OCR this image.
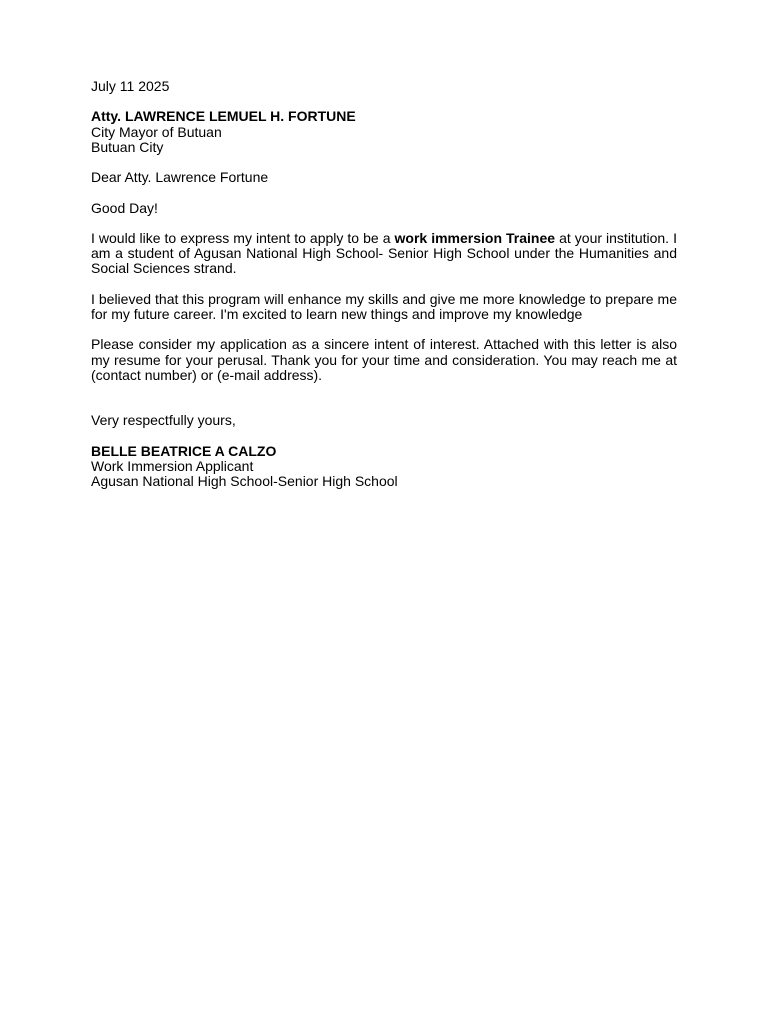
July 11 2025
Atty. LAWRENCE LEMUEL H. FORTUNE
City Mayor of Butuan
Butuan City
Dear Atty. Lawrence Fortune
Good Day!

I would like to express my intent to apply to be a work immersion Trainee at your institution. I am a student of Agusan National High School- Senior High School under the Humanities and Social Sciences strand.

I believed that this program will enhance my skills and give me more knowledge to prepare me for my future career. I'm excited to learn new things and improve my knowledge

Please consider my application as a sincere intent of interest. Attached with this letter is also my resume for your perusal. Thank you for your time and consideration. You may reach me at (contact number) or (e-mail address).

Very respectfully yours,
BELLE BEATRICE A CALZO
Work Immersion Applicant
Agusan National High School-Senior High School
